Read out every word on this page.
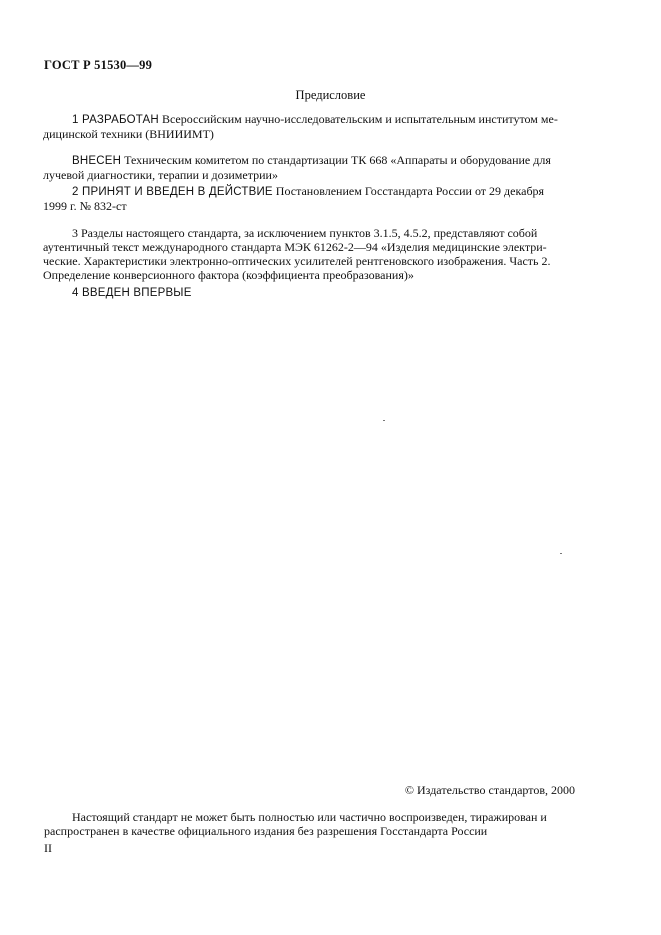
ГОСТ Р 51530—99
Предисловие
1 РАЗРАБОТАН Всероссийским научно-исследовательским и испытательным институтом ме-
дицинской техники (ВНИИИМТ)
ВНЕСЕН Техническим комитетом по стандартизации ТК 668 «Аппараты и оборудование для
лучевой диагностики, терапии и дозиметрии»
2 ПРИНЯТ И ВВЕДЕН В ДЕЙСТВИЕ Постановлением Госстандарта России от 29 декабря
1999 г. № 832-ст
3 Разделы настоящего стандарта, за исключением пунктов 3.1.5, 4.5.2, представляют собой
аутентичный текст международного стандарта МЭК 61262-2—94 «Изделия медицинские электри-
ческие. Характеристики электронно-оптических усилителей рентгеновского изображения. Часть 2.
Определение конверсионного фактора (коэффициента преобразования)»
4 ВВЕДЕН ВПЕРВЫЕ
© Издательство стандартов, 2000
Настоящий стандарт не может быть полностью или частично воспроизведен, тиражирован и
распространен в качестве официального издания без разрешения Госстандарта России
II
